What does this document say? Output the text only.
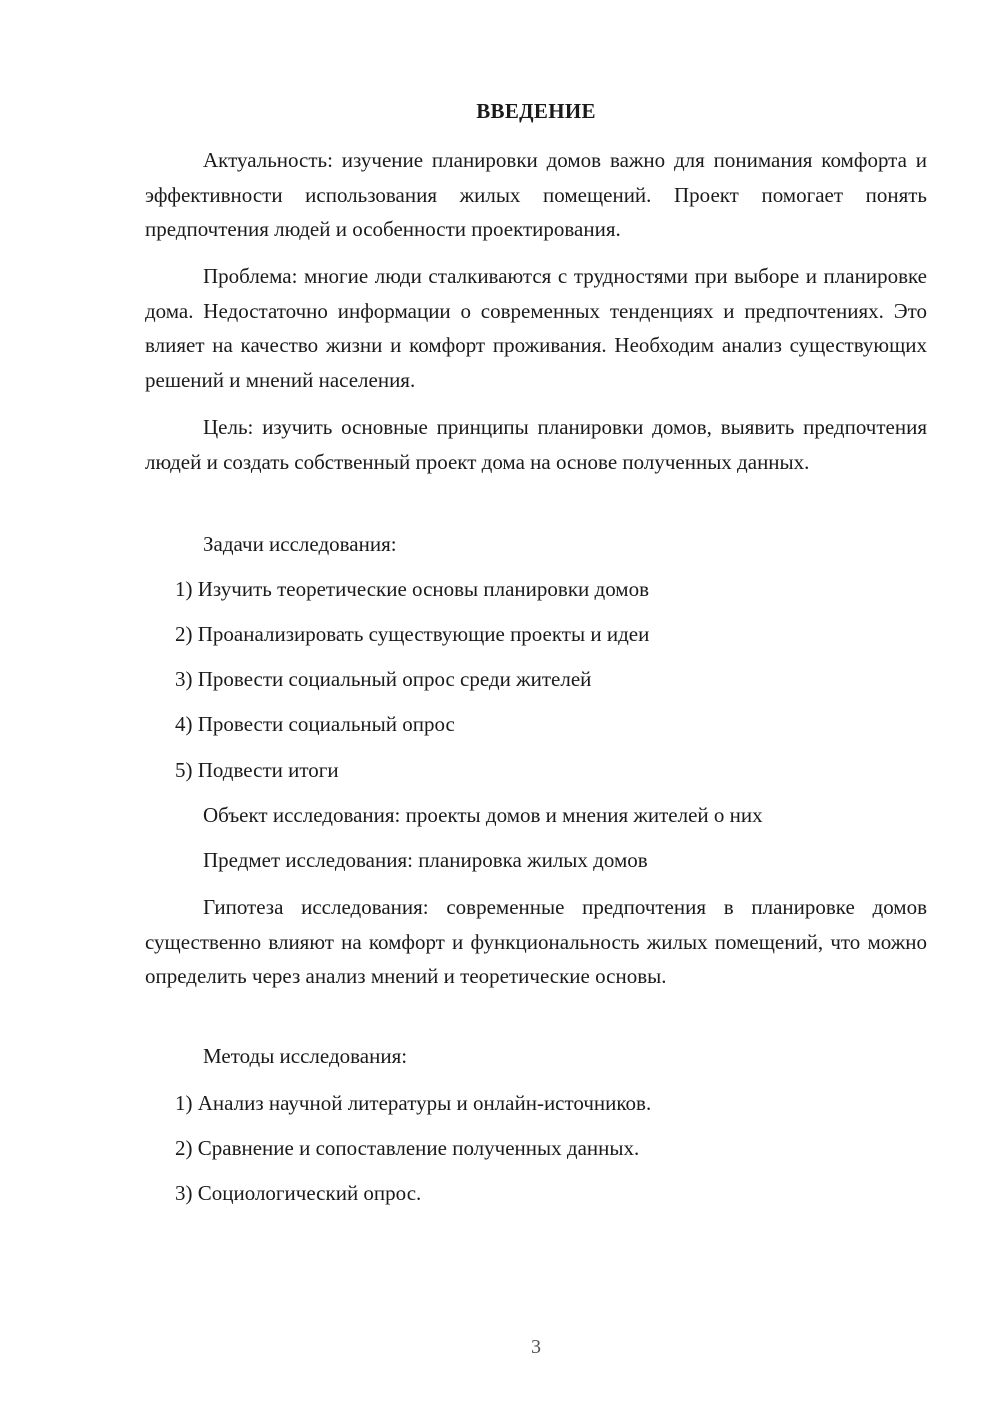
ВВЕДЕНИЕ

Актуальность: изучение планировки домов важно для понимания комфорта и эффективности использования жилых помещений. Проект помогает понять предпочтения людей и особенности проектирования.

Проблема: многие люди сталкиваются с трудностями при выборе и планировке дома. Недостаточно информации о современных тенденциях и предпочтениях. Это влияет на качество жизни и комфорт проживания. Необходим анализ существующих решений и мнений населения.

Цель: изучить основные принципы планировки домов, выявить предпочтения людей и создать собственный проект дома на основе полученных данных.

Задачи исследования:
1) Изучить теоретические основы планировки домов
2) Проанализировать существующие проекты и идеи
3) Провести социальный опрос среди жителей
4) Провести социальный опрос
5) Подвести итоги
Объект исследования: проекты домов и мнения жителей о них
Предмет исследования: планировка жилых домов

Гипотеза исследования: современные предпочтения в планировке домов существенно влияют на комфорт и функциональность жилых помещений, что можно определить через анализ мнений и теоретические основы.

Методы исследования:
1) Анализ научной литературы и онлайн-источников.
2) Сравнение и сопоставление полученных данных.
3) Социологический опрос.
3
